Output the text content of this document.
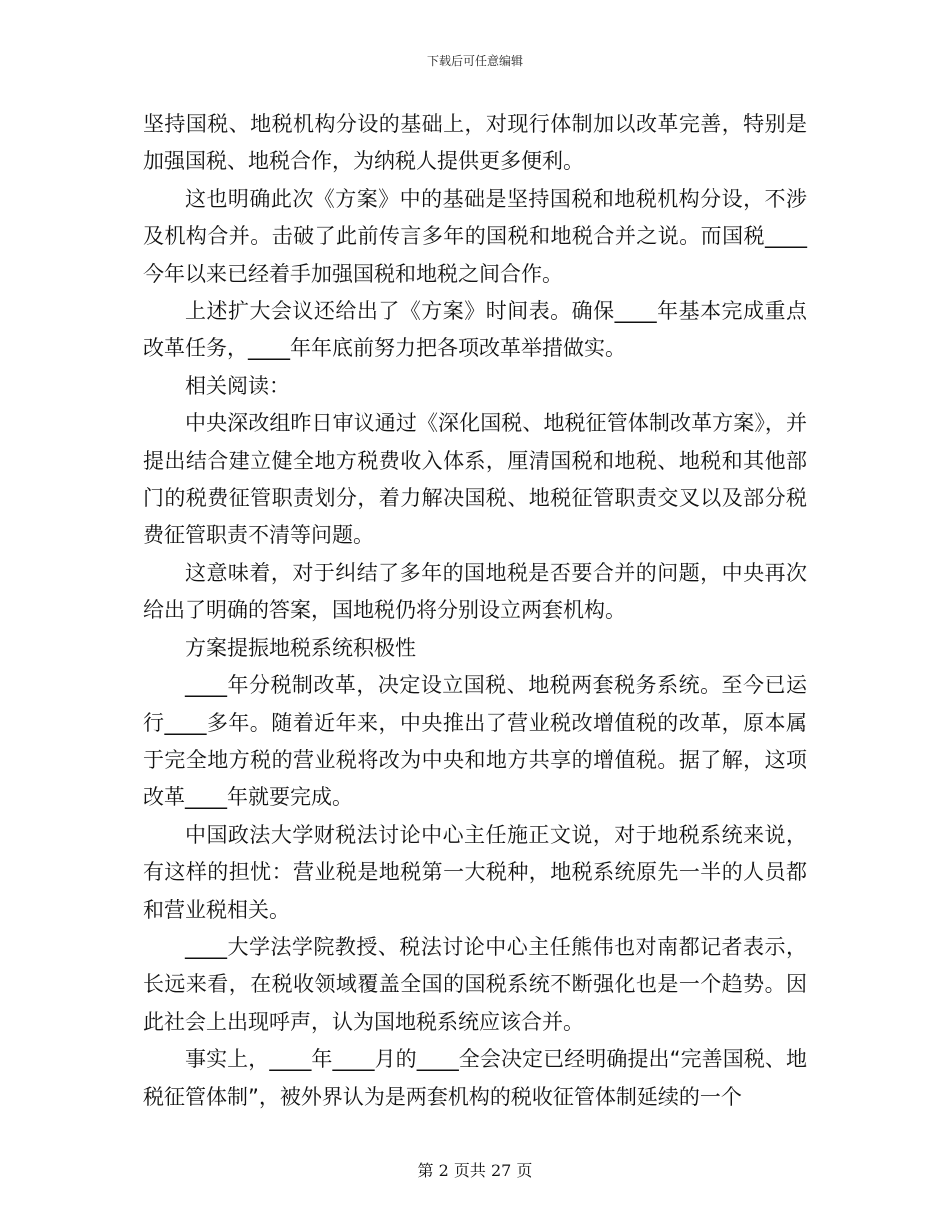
下载后可任意编辑

坚持国税、地税机构分设的基础上，对现行体制加以改革完善，特别是加强国税、地税合作，为纳税人提供更多便利。

这也明确此次《方案》中的基础是坚持国税和地税机构分设，不涉及机构合并。击破了此前传言多年的国税和地税合并之说。而国税____今年以来已经着手加强国税和地税之间合作。

上述扩大会议还给出了《方案》时间表。确保____年基本完成重点改革任务，____年年底前努力把各项改革举措做实。

相关阅读：

中央深改组昨日审议通过《深化国税、地税征管体制改革方案》，并提出结合建立健全地方税费收入体系，厘清国税和地税、地税和其他部门的税费征管职责划分，着力解决国税、地税征管职责交叉以及部分税费征管职责不清等问题。

这意味着，对于纠结了多年的国地税是否要合并的问题，中央再次给出了明确的答案，国地税仍将分别设立两套机构。

方案提振地税系统积极性

____年分税制改革，决定设立国税、地税两套税务系统。至今已运行____多年。随着近年来，中央推出了营业税改增值税的改革，原本属于完全地方税的营业税将改为中央和地方共享的增值税。据了解，这项改革____年就要完成。

中国政法大学财税法讨论中心主任施正文说，对于地税系统来说，有这样的担忧：营业税是地税第一大税种，地税系统原先一半的人员都和营业税相关。

____大学法学院教授、税法讨论中心主任熊伟也对南都记者表示，长远来看，在税收领域覆盖全国的国税系统不断强化也是一个趋势。因此社会上出现呼声，认为国地税系统应该合并。

事实上，____年____月的____全会决定已经明确提出“完善国税、地税征管体制”，被外界认为是两套机构的税收征管体制延续的一个

第 2 页共 27 页
